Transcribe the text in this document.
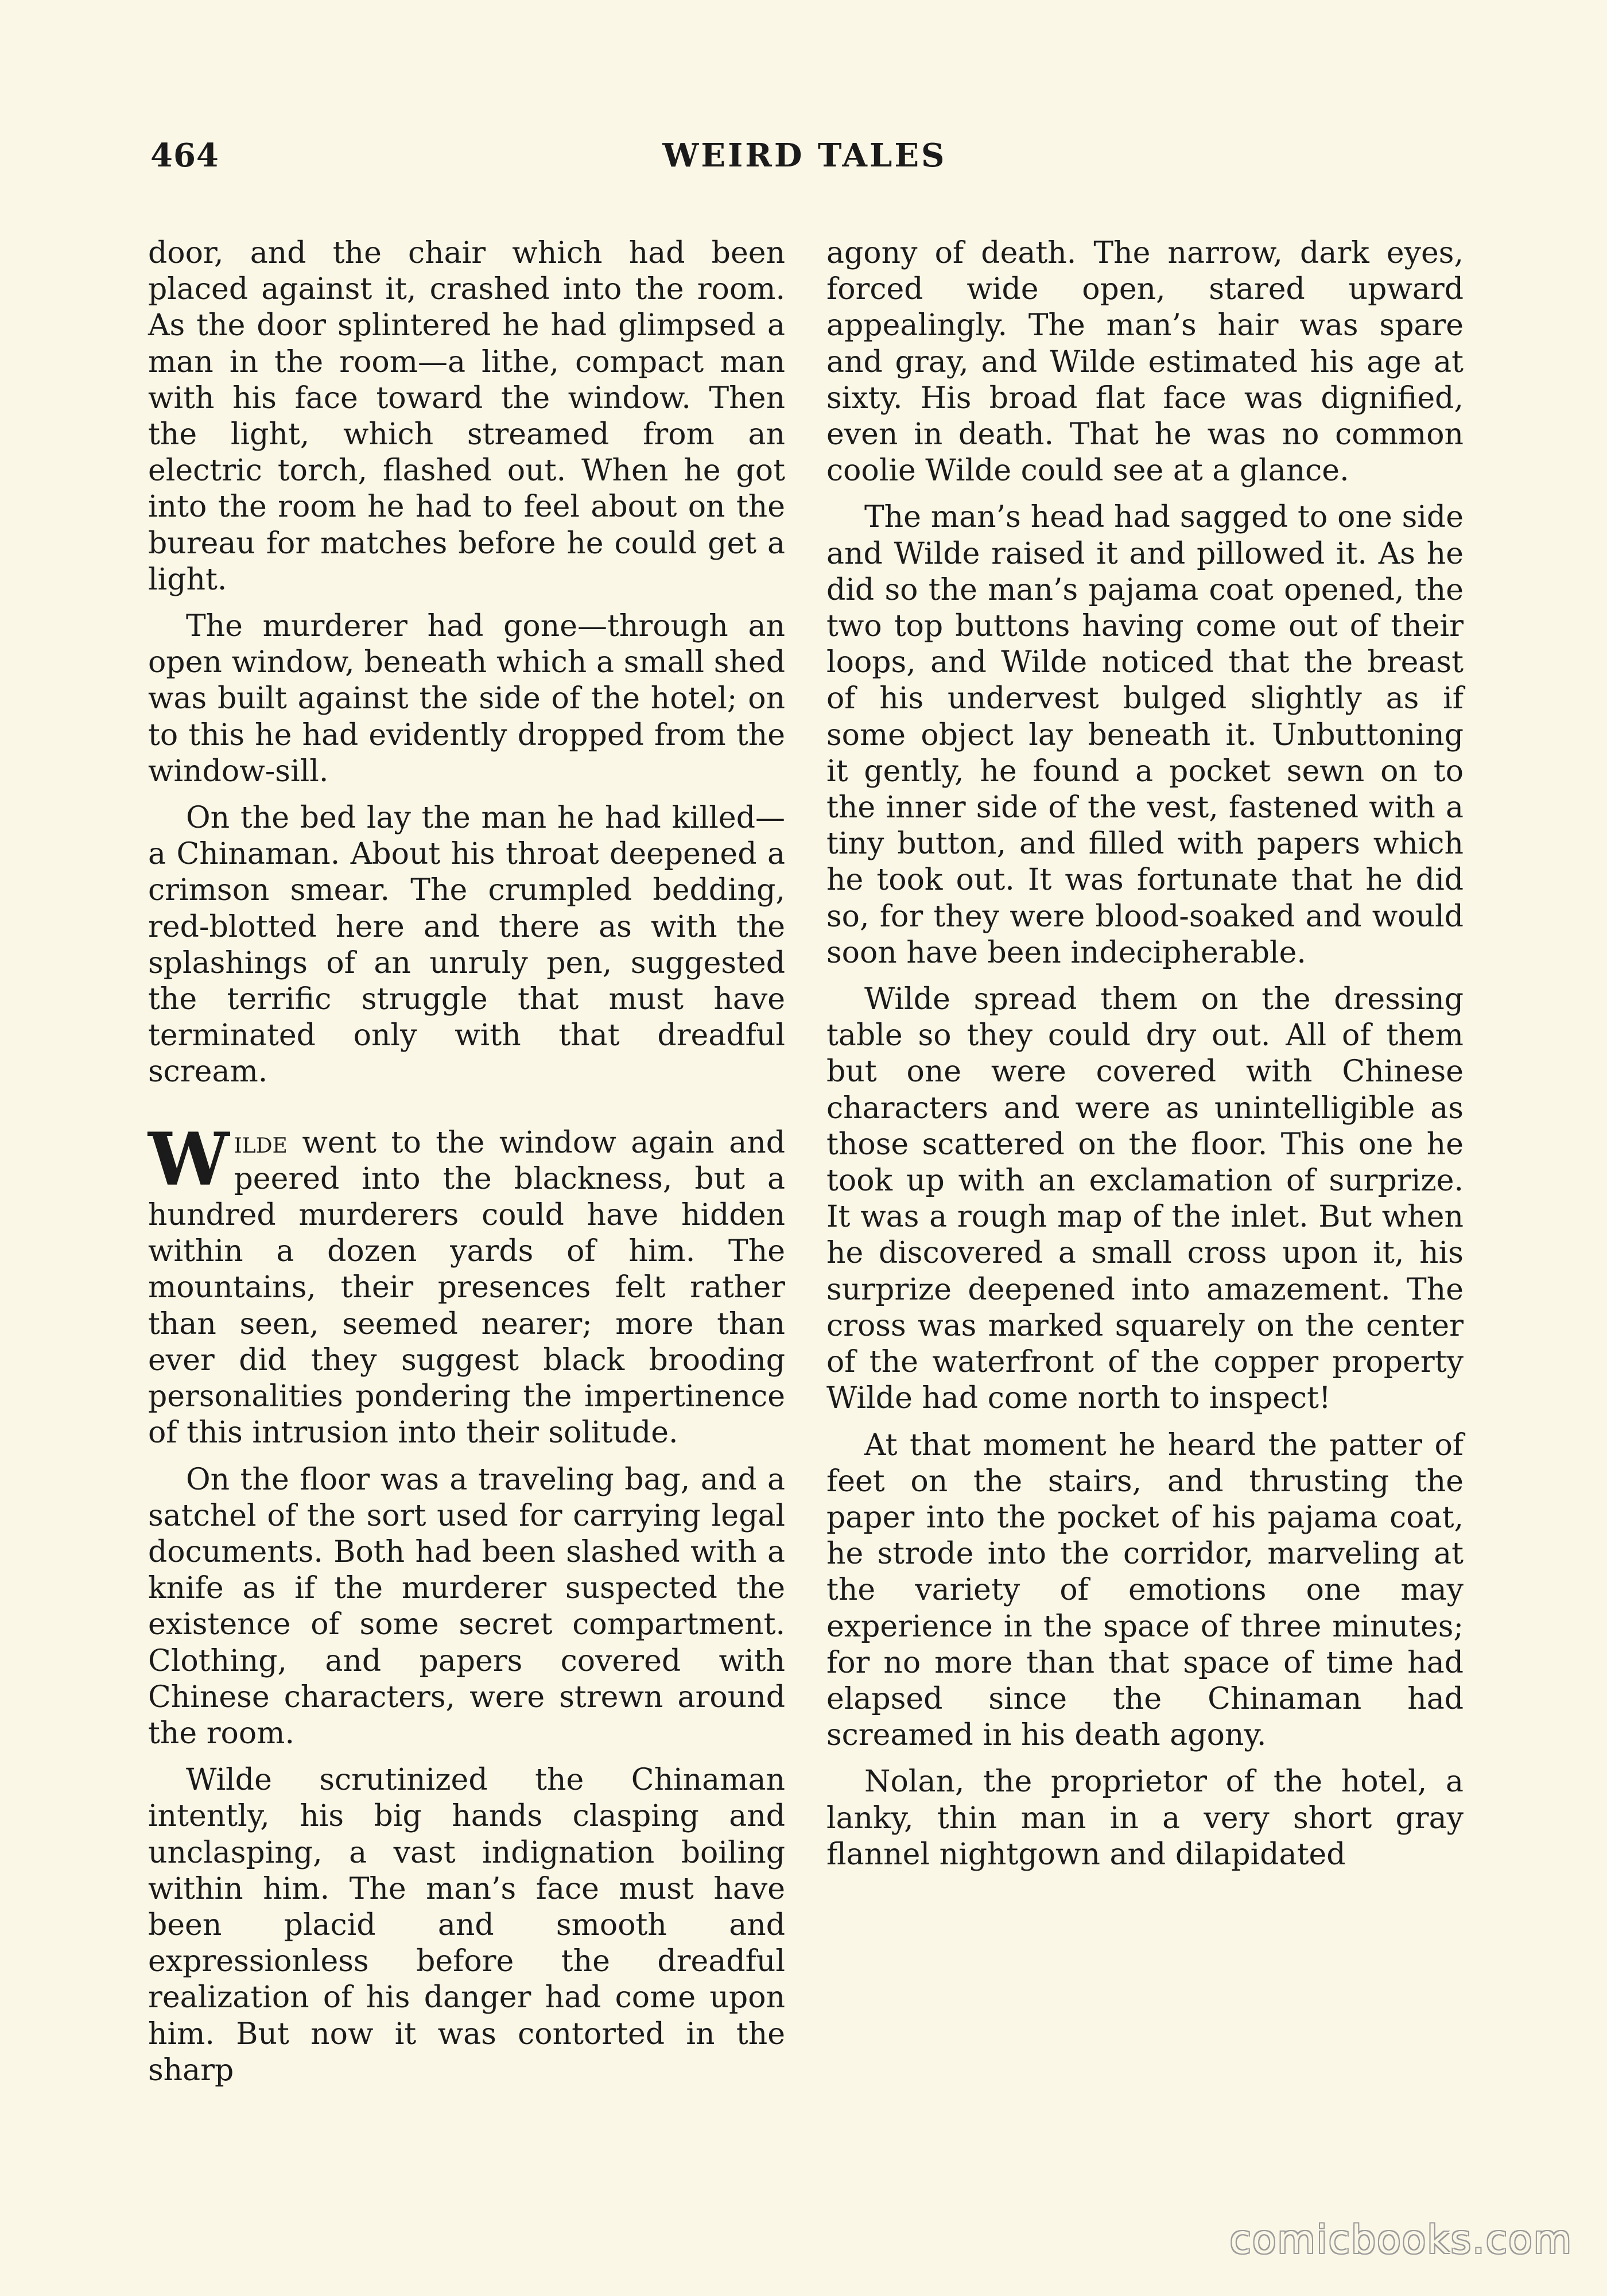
464	WEIRD TALES

door, and the chair which had been placed against it, crashed into the room. As the door splintered he had glimpsed a man in the room—a lithe, compact man with his face toward the window. Then the light, which streamed from an electric torch, flashed out. When he got into the room he had to feel about on the bureau for matches before he could get a light.

The murderer had gone—through an open window, beneath which a small shed was built against the side of the hotel; on to this he had evidently dropped from the window-sill.

On the bed lay the man he had killed—a Chinaman. About his throat deepened a crimson smear. The crumpled bedding, red-blotted here and there as with the splashings of an unruly pen, suggested the terrific struggle that must have terminated only with that dreadful scream.

Wilde went to the window again and peered into the blackness, but a hundred murderers could have hidden within a dozen yards of him. The mountains, their presences felt rather than seen, seemed nearer; more than ever did they suggest black brooding personalities pondering the impertinence of this intrusion into their solitude.

On the floor was a traveling bag, and a satchel of the sort used for carrying legal documents. Both had been slashed with a knife as if the murderer suspected the existence of some secret compartment. Clothing, and papers covered with Chinese characters, were strewn around the room.

Wilde scrutinized the Chinaman intently, his big hands clasping and unclasping, a vast indignation boiling within him. The man’s face must have been placid and smooth and expressionless before the dreadful realization of his danger had come upon him. But now it was contorted in the sharp

agony of death. The narrow, dark eyes, forced wide open, stared upward appealingly. The man’s hair was spare and gray, and Wilde estimated his age at sixty. His broad flat face was dignified, even in death. That he was no common coolie Wilde could see at a glance.

The man’s head had sagged to one side and Wilde raised it and pillowed it. As he did so the man’s pajama coat opened, the two top buttons having come out of their loops, and Wilde noticed that the breast of his undervest bulged slightly as if some object lay beneath it. Unbuttoning it gently, he found a pocket sewn on to the inner side of the vest, fastened with a tiny button, and filled with papers which he took out. It was fortunate that he did so, for they were blood-soaked and would soon have been indecipherable.

Wilde spread them on the dressing table so they could dry out. All of them but one were covered with Chinese characters and were as unintelligible as those scattered on the floor. This one he took up with an exclamation of surprize. It was a rough map of the inlet. But when he discovered a small cross upon it, his surprize deepened into amazement. The cross was marked squarely on the center of the waterfront of the copper property Wilde had come north to inspect!

At that moment he heard the patter of feet on the stairs, and thrusting the paper into the pocket of his pajama coat, he strode into the corridor, marveling at the variety of emotions one may experience in the space of three minutes; for no more than that space of time had elapsed since the Chinaman had screamed in his death agony.

Nolan, the proprietor of the hotel, a lanky, thin man in a very short gray flannel nightgown and dilapidated

comicbooks.com
